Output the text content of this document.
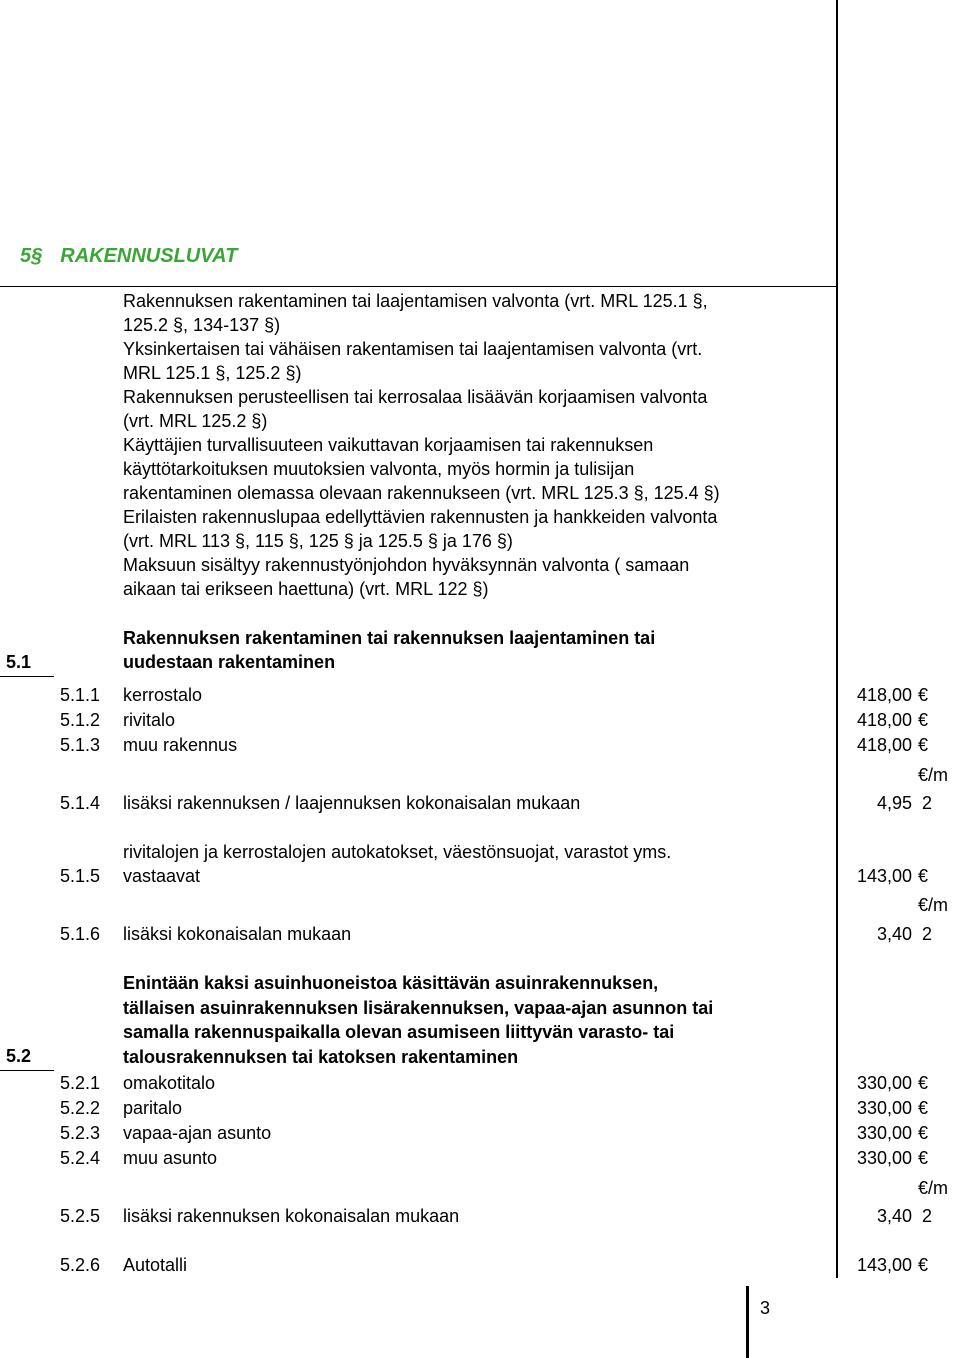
5§ RAKENNUSLUVAT
Rakennuksen rakentaminen tai laajentamisen valvonta (vrt. MRL 125.1 §,
125.2 §, 134-137 §)
Yksinkertaisen tai vähäisen rakentamisen tai laajentamisen valvonta (vrt.
MRL 125.1 §, 125.2 §)
Rakennuksen perusteellisen tai kerrosalaa lisäävän korjaamisen valvonta
(vrt. MRL 125.2 §)
Käyttäjien turvallisuuteen vaikuttavan korjaamisen tai rakennuksen
käyttötarkoituksen muutoksien valvonta, myös hormin ja tulisijan
rakentaminen olemassa olevaan rakennukseen (vrt. MRL 125.3 §, 125.4 §)
Erilaisten rakennuslupaa edellyttävien rakennusten ja hankkeiden valvonta
(vrt. MRL 113 §, 115 §, 125 § ja 125.5 § ja 176 §)
Maksuun sisältyy rakennustyönjohdon hyväksynnän valvonta ( samaan
aikaan tai erikseen haettuna) (vrt. MRL 122 §)
5.1
Rakennuksen rakentaminen tai rakennuksen laajentaminen tai
uudestaan rakentaminen
5.1.1 kerrostalo	418,00 €
5.1.2 rivitalo	418,00 €
5.1.3 muu rakennus	418,00 €
€/m
5.1.4 lisäksi rakennuksen / laajennuksen kokonaisalan mukaan	4,95 2
rivitalojen ja kerrostalojen autokatokset, väestönsuojat, varastot yms.
5.1.5 vastaavat	143,00 €
€/m
5.1.6 lisäksi kokonaisalan mukaan	3,40 2
5.2
Enintään kaksi asuinhuoneistoa käsittävän asuinrakennuksen,
tällaisen asuinrakennuksen lisärakennuksen, vapaa-ajan asunnon tai
samalla rakennuspaikalla olevan asumiseen liittyvän varasto- tai
talousrakennuksen tai katoksen rakentaminen
5.2.1 omakotitalo	330,00 €
5.2.2 paritalo	330,00 €
5.2.3 vapaa-ajan asunto	330,00 €
5.2.4 muu asunto	330,00 €
€/m
5.2.5 lisäksi rakennuksen kokonaisalan mukaan	3,40 2
5.2.6 Autotalli	143,00 €
3
